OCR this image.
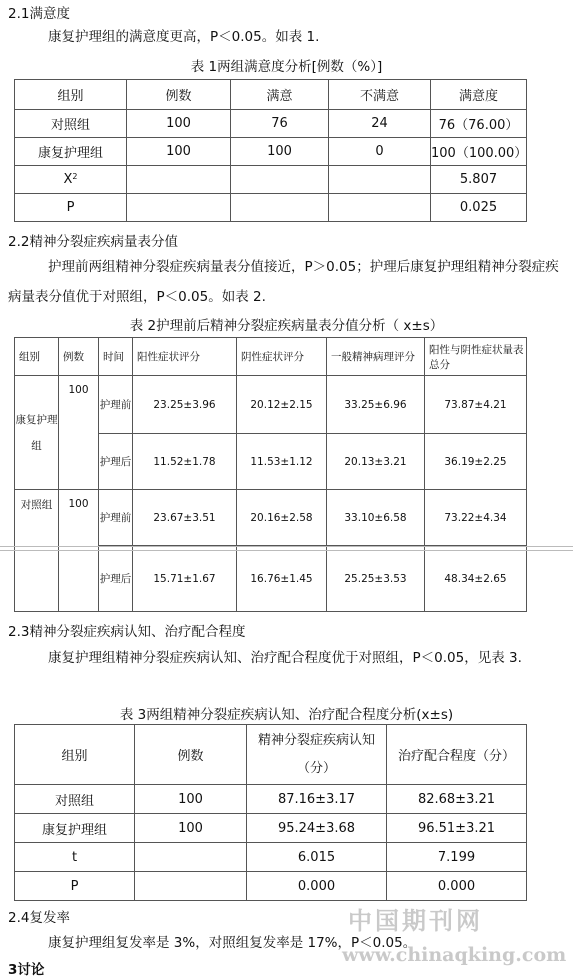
2.1满意度
康复护理组的满意度更高，P＜0.05。如表 1.
表 1两组满意度分析[例数（%）]
组别	例数	满意	不满意	满意度
对照组	100	76	24	76（76.00）
康复护理组	100	100	0	100（100.00）
$X^2$				5.807
P				0.025
2.2精神分裂症疾病量表分值
护理前两组精神分裂症疾病量表分值接近，P＞0.05；护理后康复护理组精神分裂症疾病量表分值优于对照组，P＜0.05。如表 2.
表 2护理前后精神分裂症疾病量表分值分析（ x±s）
组别	例数	时间	阳性症状评分	阴性症状评分	一般精神病理评分	阳性与阴性症状量表总分
康复护理组	100	护理前	23.25±3.96	20.12±2.15	33.25±6.96	73.87±4.21
		护理后	11.52±1.78	11.53±1.12	20.13±3.21	36.19±2.25
对照组	100	护理前	23.67±3.51	20.16±2.58	33.10±6.58	73.22±4.34
		护理后	15.71±1.67	16.76±1.45	25.25±3.53	48.34±2.65
2.3精神分裂症疾病认知、治疗配合程度
康复护理组精神分裂症疾病认知、治疗配合程度优于对照组，P＜0.05，见表 3.
表 3两组精神分裂症疾病认知、治疗配合程度分析(x±s)
组别	例数	精神分裂症疾病认知（分）	治疗配合程度（分）
对照组	100	87.16±3.17	82.68±3.21
康复护理组	100	95.24±3.68	96.51±3.21
t		6.015	7.199
P		0.000	0.000
2.4复发率
康复护理组复发率是 3%，对照组复发率是 17%，P＜0.05。
3讨论
中国期刊网
www.chinaqking.com
